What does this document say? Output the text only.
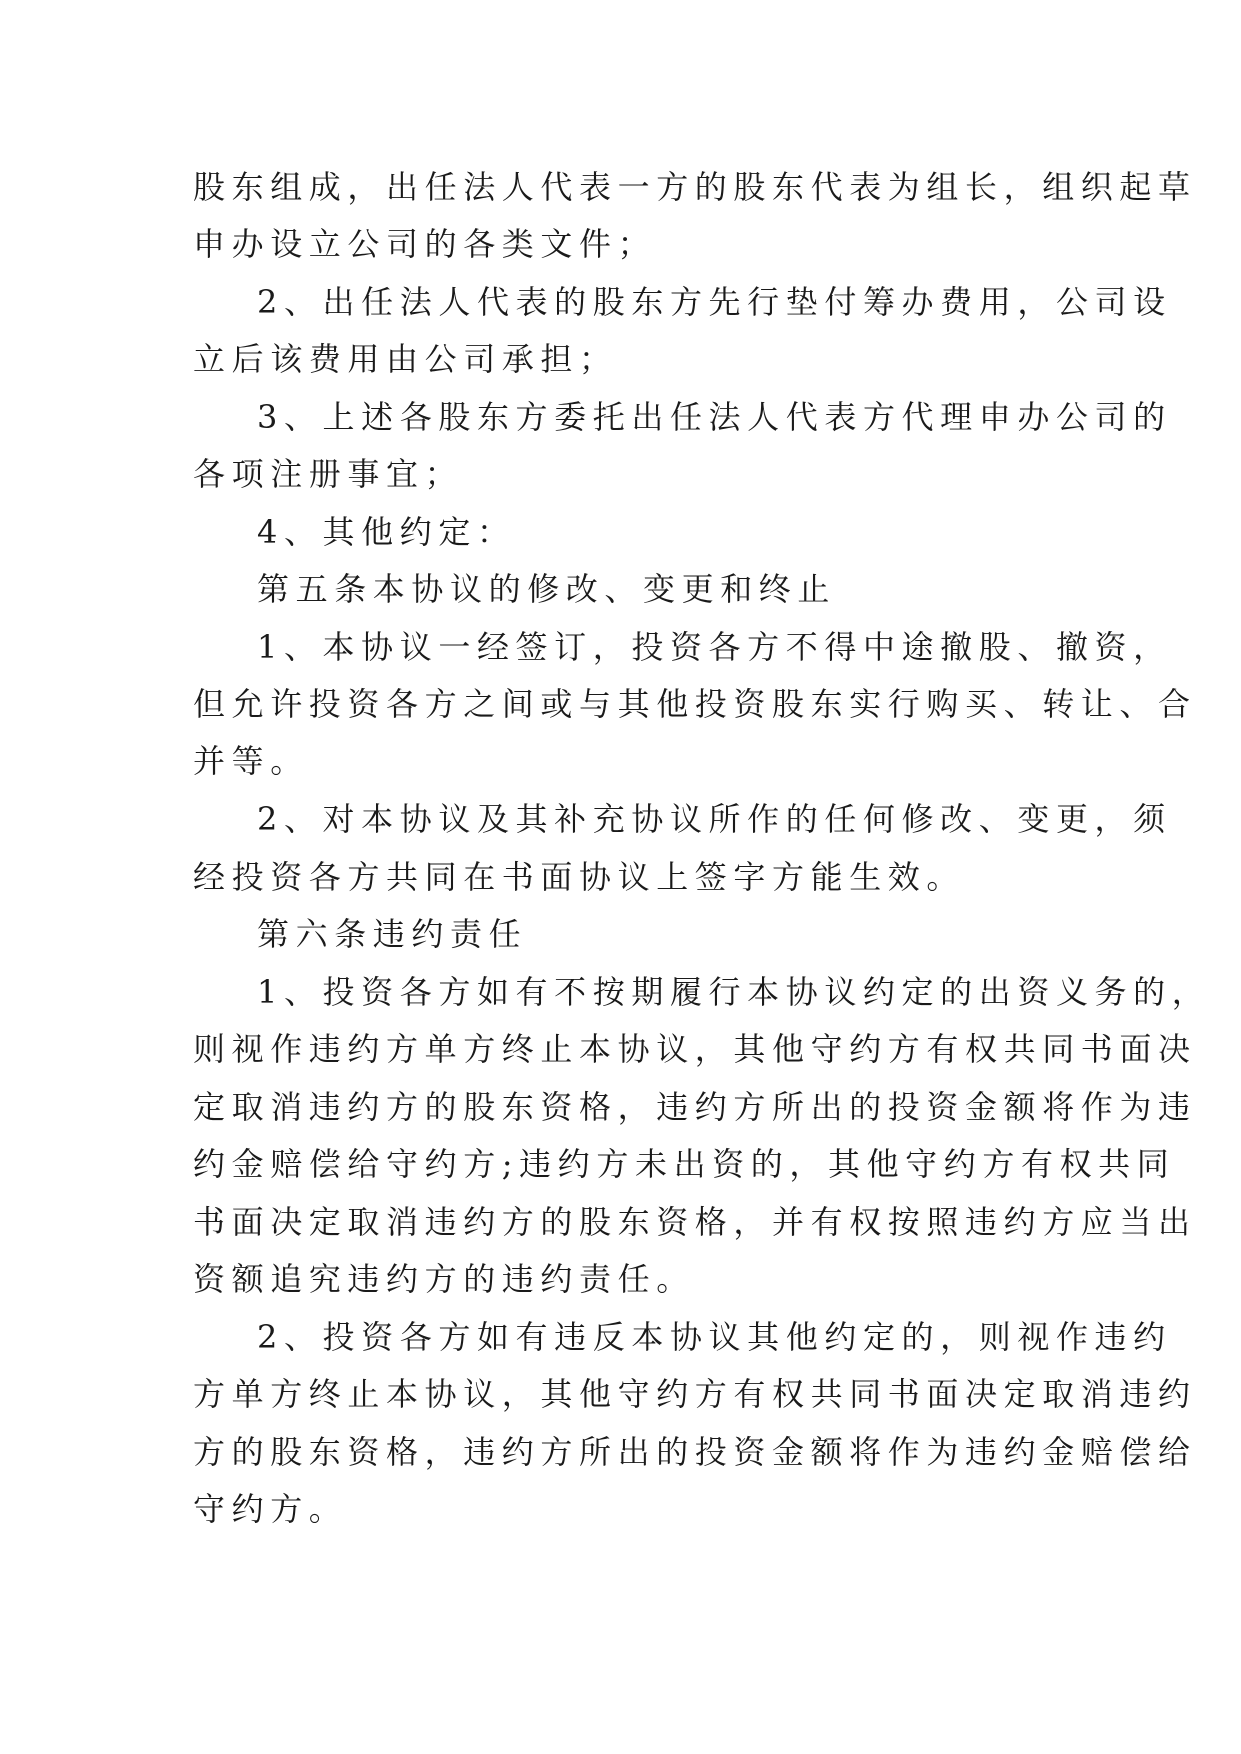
股东组成，出任法人代表一方的股东代表为组长，组织起草
申办设立公司的各类文件；
2、出任法人代表的股东方先行垫付筹办费用，公司设
立后该费用由公司承担；
3、上述各股东方委托出任法人代表方代理申办公司的
各项注册事宜；
4、其他约定：
第五条本协议的修改、变更和终止
1、本协议一经签订，投资各方不得中途撤股、撤资，
但允许投资各方之间或与其他投资股东实行购买、转让、合
并等。
2、对本协议及其补充协议所作的任何修改、变更，须
经投资各方共同在书面协议上签字方能生效。
第六条违约责任
1、投资各方如有不按期履行本协议约定的出资义务的，
则视作违约方单方终止本协议，其他守约方有权共同书面决
定取消违约方的股东资格，违约方所出的投资金额将作为违
约金赔偿给守约方;违约方未出资的，其他守约方有权共同
书面决定取消违约方的股东资格，并有权按照违约方应当出
资额追究违约方的违约责任。
2、投资各方如有违反本协议其他约定的，则视作违约
方单方终止本协议，其他守约方有权共同书面决定取消违约
方的股东资格，违约方所出的投资金额将作为违约金赔偿给
守约方。
